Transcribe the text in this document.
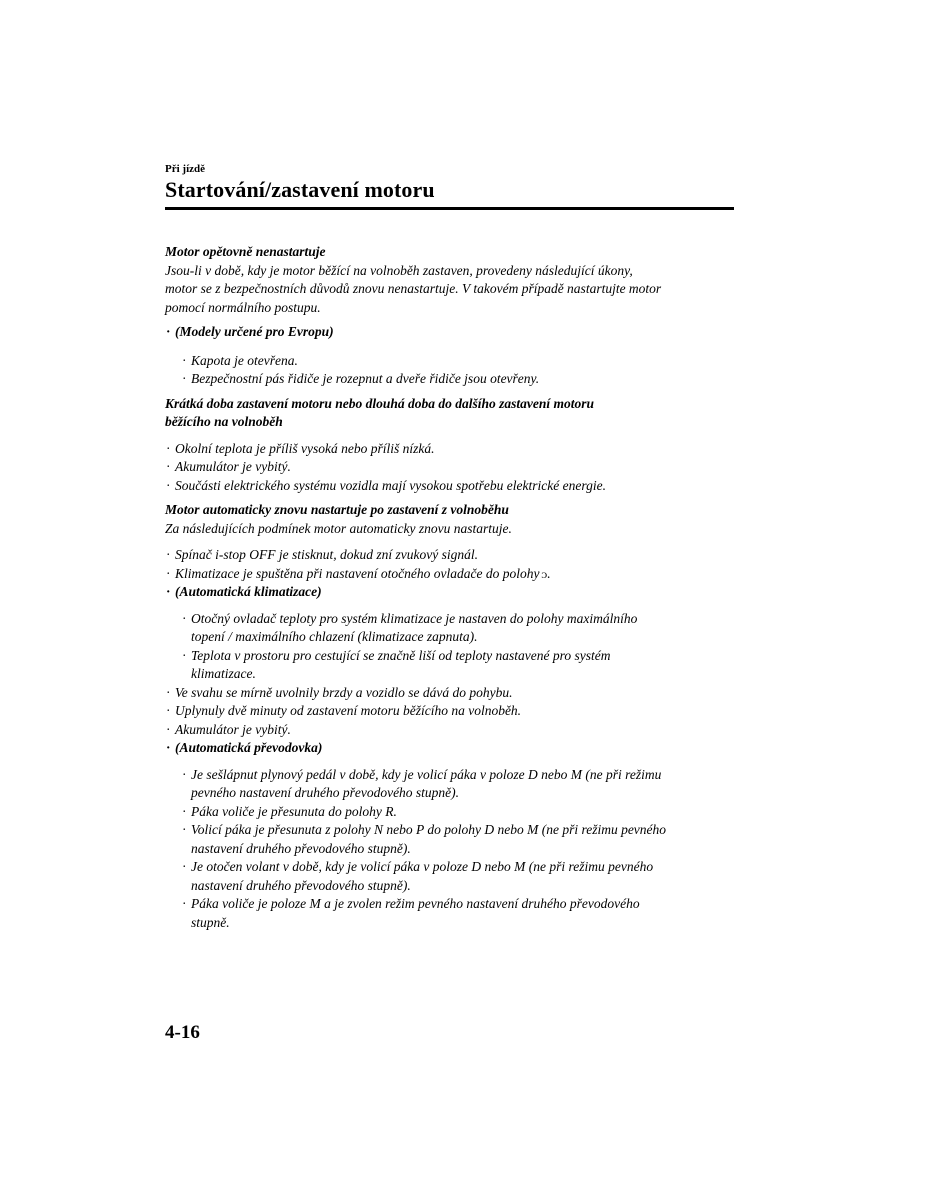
Při jízdě
Startování/zastavení motoru

Motor opětovně nenastartuje

Jsou-li v době, kdy je motor běžící na volnoběh zastaven, provedeny následující úkony,

motor se z bezpečnostních důvodů znovu nenastartuje. V takovém případě nastartujte motor

pomocí normálního postupu.

· (Modely určené pro Evropu)

· Kapota je otevřena.

· Bezpečnostní pás řidiče je rozepnut a dveře řidiče jsou otevřeny.

Krátká doba zastavení motoru nebo dlouhá doba do dalšího zastavení motoru

běžícího na volnoběh

· Okolní teplota je příliš vysoká nebo příliš nízká.

· Akumulátor je vybitý.

· Součásti elektrického systému vozidla mají vysokou spotřebu elektrické energie.

Motor automaticky znovu nastartuje po zastavení z volnoběhu

Za následujících podmínek motor automaticky znovu nastartuje.

· Spínač i-stop OFF je stisknut, dokud zní zvukový signál.

· Klimatizace je spuštěna při nastavení otočného ovladače do polohy ᴐ.

· (Automatická klimatizace)

· Otočný ovladač teploty pro systém klimatizace je nastaven do polohy maximálního

topení / maximálního chlazení (klimatizace zapnuta).

· Teplota v prostoru pro cestující se značně liší od teploty nastavené pro systém

klimatizace.

· Ve svahu se mírně uvolnily brzdy a vozidlo se dává do pohybu.

· Uplynuly dvě minuty od zastavení motoru běžícího na volnoběh.

· Akumulátor je vybitý.

· (Automatická převodovka)

· Je sešlápnut plynový pedál v době, kdy je volicí páka v poloze D nebo M (ne při režimu

pevného nastavení druhého převodového stupně).

· Páka voliče je přesunuta do polohy R.

· Volicí páka je přesunuta z polohy N nebo P do polohy D nebo M (ne při režimu pevného

nastavení druhého převodového stupně).

· Je otočen volant v době, kdy je volicí páka v poloze D nebo M (ne při režimu pevného

nastavení druhého převodového stupně).

· Páka voliče je poloze M a je zvolen režim pevného nastavení druhého převodového

stupně.

4-16
